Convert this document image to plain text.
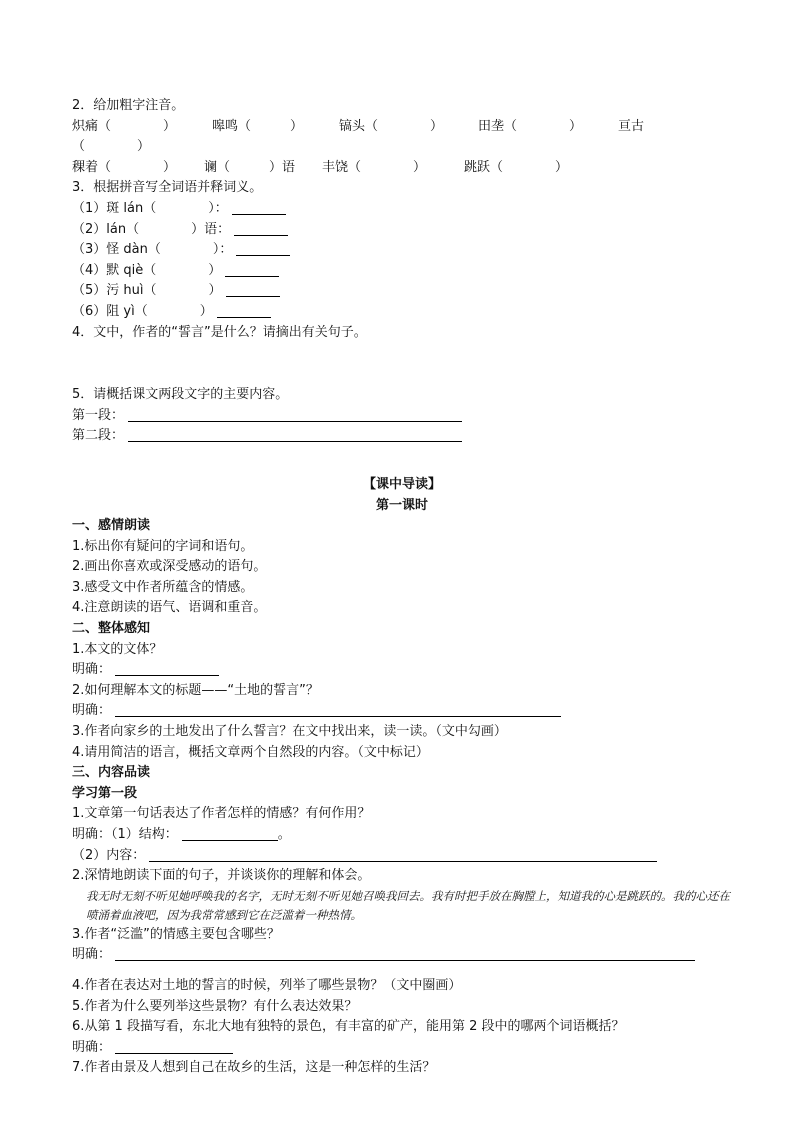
2．给加粗字注音。
炽痛（　　　　）	嗥鸣（　　　）	镐头（　　　　）	田垄（　　　　）	亘古
（　　　　）
稞着（　　　　） 谰（　　　）语 丰饶（　　　　）	跳跃（　　　　）
3．根据拼音写全词语并释词义。
（1）斑 lán（　　　　）：
（2）lán（　　　　）语：
（3）怪 dàn（　　　　）：
（4）默 qiè（　　　　）
（5）污 huì（　　　　）
（6）阻 yì（　　　　）
4．文中，作者的“誓言”是什么？请摘出有关句子。
5．请概括课文两段文字的主要内容。
第一段：
第二段：
【课中导读】
第一课时
一、感情朗读
1.标出你有疑问的字词和语句。
2.画出你喜欢或深受感动的语句。
3.感受文中作者所蕴含的情感。
4.注意朗读的语气、语调和重音。
二、整体感知
1.本文的文体？
明确：
2.如何理解本文的标题——“土地的誓言”？
明确：
3.作者向家乡的土地发出了什么誓言？在文中找出来，读一读。（文中勾画）
4.请用简洁的语言，概括文章两个自然段的内容。（文中标记）
三、内容品读
学习第一段
1.文章第一句话表达了作者怎样的情感？有何作用？
明确：（1）结构：	。
（2）内容：
2.深情地朗读下面的句子，并谈谈你的理解和体会。
我无时无刻不听见她呼唤我的名字，无时无刻不听见她召唤我回去。我有时把手放在胸膛上，知道我的心是跳跃的。我的心还在喷涌着血液吧，因为我常常感到它在泛滥着一种热情。
3.作者“泛滥”的情感主要包含哪些？
明确：
4.作者在表达对土地的誓言的时候，列举了哪些景物？（文中圈画）
5.作者为什么要列举这些景物？有什么表达效果？
6.从第 1 段描写看，东北大地有独特的景色，有丰富的矿产，能用第 2 段中的哪两个词语概括？
明确：
7.作者由景及人想到自己在故乡的生活，这是一种怎样的生活？
